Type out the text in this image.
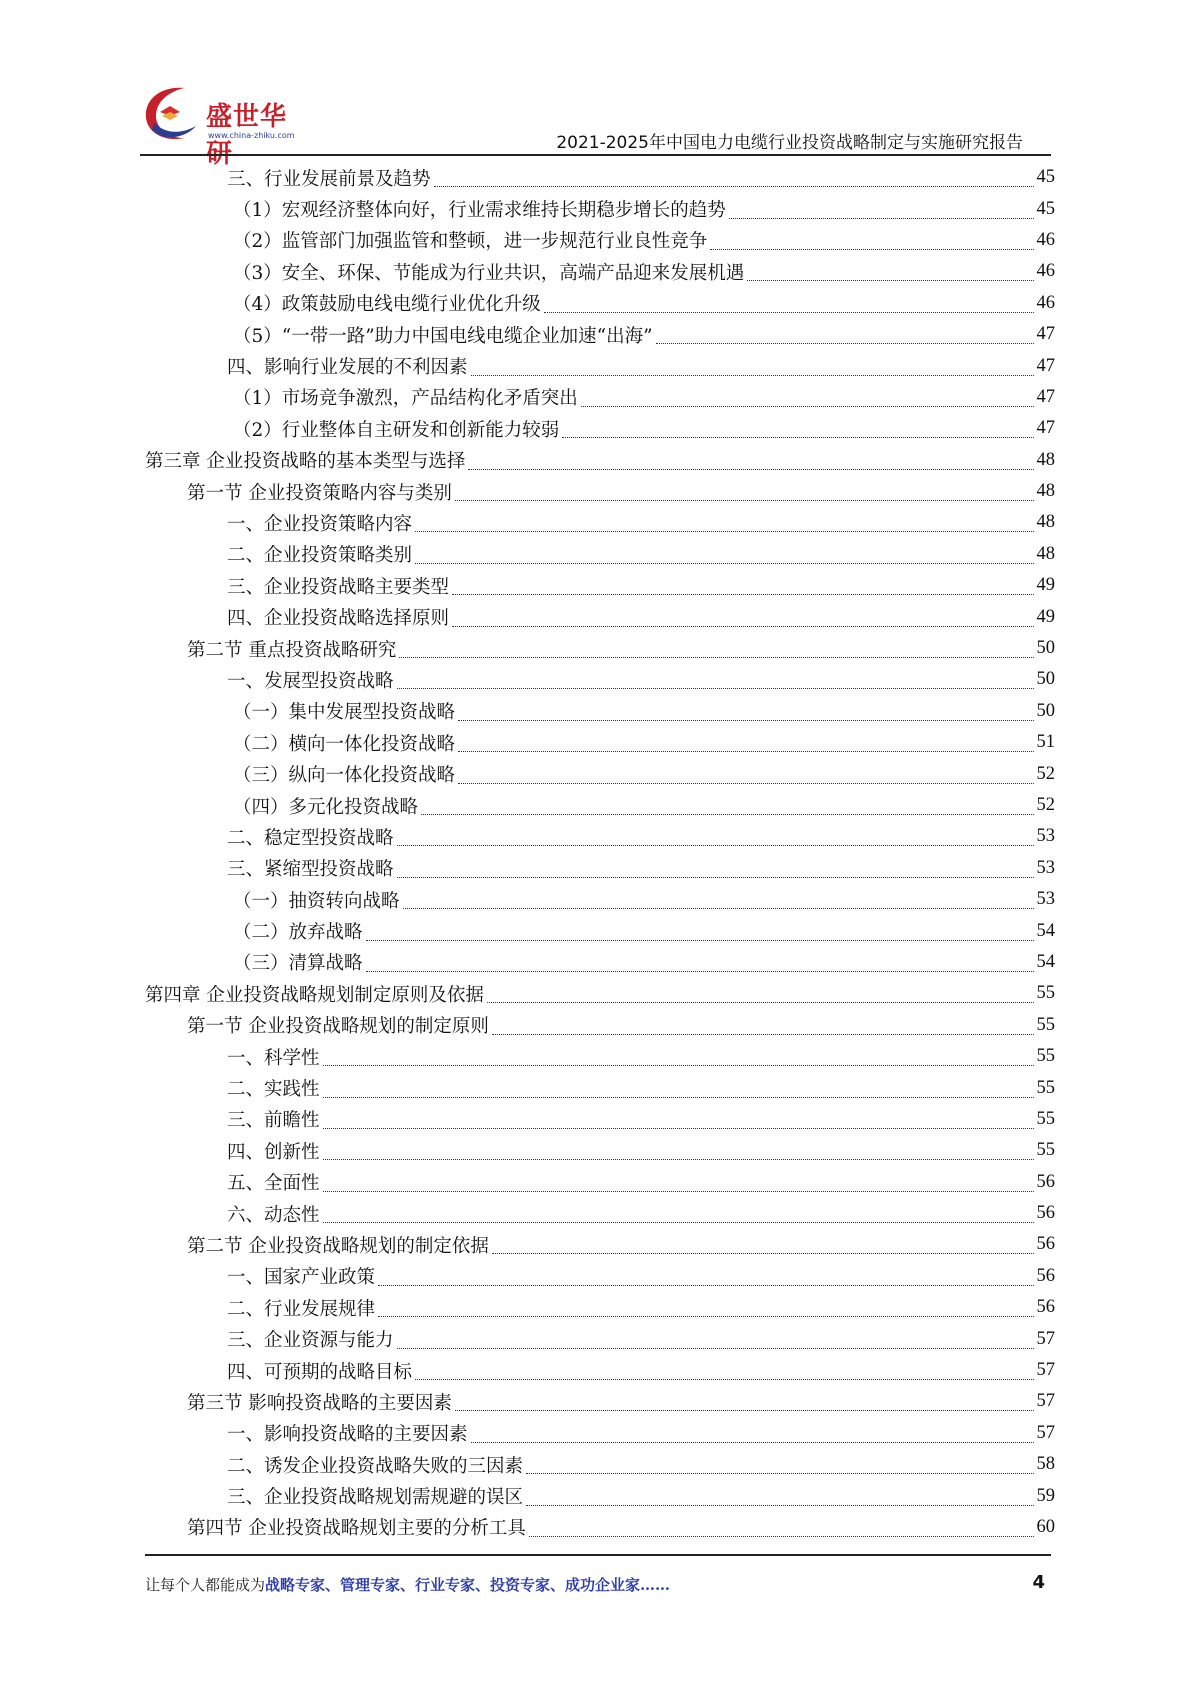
盛世华研
www.china-zhiku.com	2021-2025年中国电力电缆行业投资战略制定与实施研究报告
三、行业发展前景及趋势	45
（1）宏观经济整体向好，行业需求维持长期稳步增长的趋势	45
（2）监管部门加强监管和整顿，进一步规范行业良性竞争	46
（3）安全、环保、节能成为行业共识，高端产品迎来发展机遇	46
（4）政策鼓励电线电缆行业优化升级	46
（5）“一带一路”助力中国电线电缆企业加速“出海”	47
四、影响行业发展的不利因素	47
（1）市场竞争激烈，产品结构化矛盾突出	47
（2）行业整体自主研发和创新能力较弱	47
第三章 企业投资战略的基本类型与选择	48
第一节 企业投资策略内容与类别	48
一、企业投资策略内容	48
二、企业投资策略类别	48
三、企业投资战略主要类型	49
四、企业投资战略选择原则	49
第二节 重点投资战略研究	50
一、发展型投资战略	50
（一）集中发展型投资战略	50
（二）横向一体化投资战略	51
（三）纵向一体化投资战略	52
（四）多元化投资战略	52
二、稳定型投资战略	53
三、紧缩型投资战略	53
（一）抽资转向战略	53
（二）放弃战略	54
（三）清算战略	54
第四章 企业投资战略规划制定原则及依据	55
第一节 企业投资战略规划的制定原则	55
一、科学性	55
二、实践性	55
三、前瞻性	55
四、创新性	55
五、全面性	56
六、动态性	56
第二节 企业投资战略规划的制定依据	56
一、国家产业政策	56
二、行业发展规律	56
三、企业资源与能力	57
四、可预期的战略目标	57
第三节 影响投资战略的主要因素	57
一、影响投资战略的主要因素	57
二、诱发企业投资战略失败的三因素	58
三、企业投资战略规划需规避的误区	59
第四节 企业投资战略规划主要的分析工具	60
让每个人都能成为战略专家、管理专家、行业专家、投资专家、成功企业家……	4
